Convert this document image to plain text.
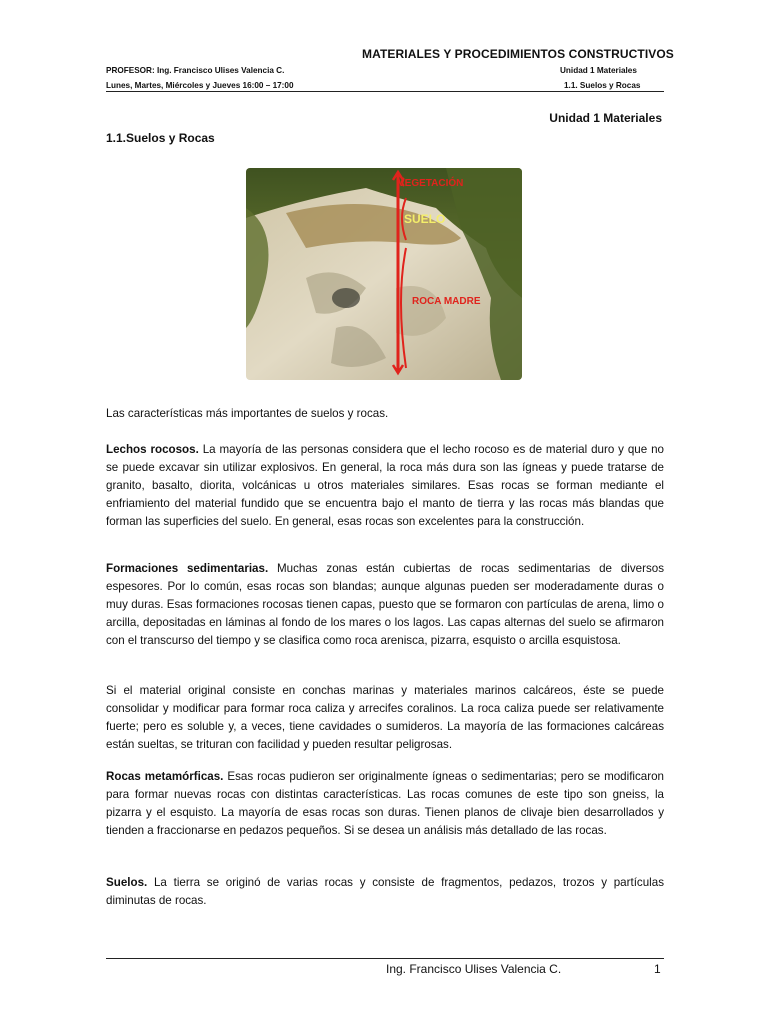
MATERIALES Y PROCEDIMIENTOS CONSTRUCTIVOS
PROFESOR: Ing. Francisco Ulises Valencia C.
Lunes, Martes, Miércoles y Jueves 16:00 – 17:00
Unidad 1 Materiales
1.1. Suelos y Rocas
Unidad 1 Materiales
1.1.Suelos y Rocas
VEGETACIÓN
SUELO
ROCA MADRE

Las características más importantes de suelos y rocas.

Lechos rocosos. La mayoría de las personas considera que el lecho rocoso es de material duro y que no se puede excavar sin utilizar explosivos. En general, la roca más dura son las ígneas y puede tratarse de granito, basalto, diorita, volcánicas u otros materiales similares. Esas rocas se forman mediante el enfriamiento del material fundido que se encuentra bajo el manto de tierra y las rocas más blandas que forman las superficies del suelo. En general, esas rocas son excelentes para la construcción.

Formaciones sedimentarias. Muchas zonas están cubiertas de rocas sedimentarias de diversos espesores. Por lo común, esas rocas son blandas; aunque algunas pueden ser moderadamente duras o muy duras. Esas formaciones rocosas tienen capas, puesto que se formaron con partículas de arena, limo o arcilla, depositadas en láminas al fondo de los mares o los lagos. Las capas alternas del suelo se afirmaron con el transcurso del tiempo y se clasifica como roca arenisca, pizarra, esquisto o arcilla esquistosa.

Si el material original consiste en conchas marinas y materiales marinos calcáreos, éste se puede consolidar y modificar para formar roca caliza y arrecifes coralinos. La roca caliza puede ser relativamente fuerte; pero es soluble y, a veces, tiene cavidades o sumideros. La mayoría de las formaciones calcáreas están sueltas, se trituran con facilidad y pueden resultar peligrosas.

Rocas metamórficas. Esas rocas pudieron ser originalmente ígneas o sedimentarias; pero se modificaron para formar nuevas rocas con distintas características. Las rocas comunes de este tipo son gneiss, la pizarra y el esquisto. La mayoría de esas rocas son duras. Tienen planos de clivaje bien desarrollados y tienden a fraccionarse en pedazos pequeños. Si se desea un análisis más detallado de las rocas.

Suelos. La tierra se originó de varias rocas y consiste de fragmentos, pedazos, trozos y partículas diminutas de rocas.

Ing. Francisco Ulises Valencia C.	1
